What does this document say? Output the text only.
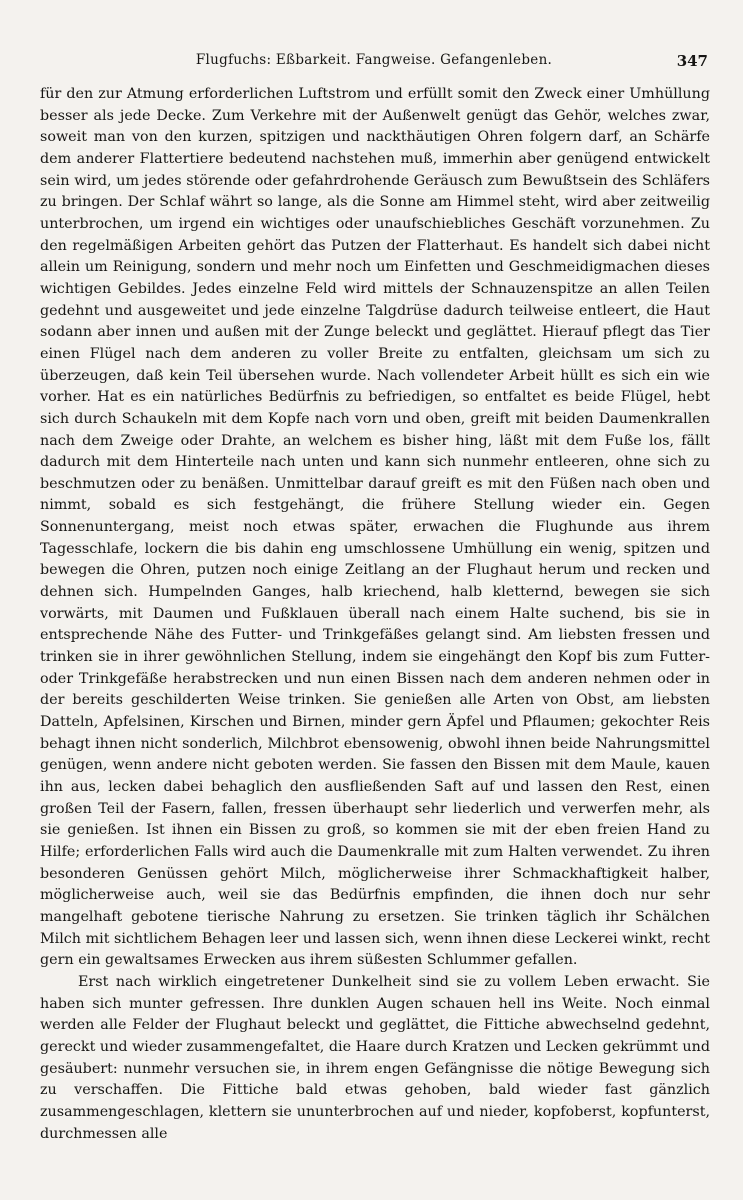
Flugfuchs: Eßbarkeit. Fangweise. Gefangenleben.	347

für den zur Atmung erforderlichen Luftstrom und erfüllt somit den Zweck einer Umhüllung besser als jede Decke. Zum Verkehre mit der Außenwelt genügt das Gehör, welches zwar, soweit man von den kurzen, spitzigen und nackthäutigen Ohren folgern darf, an Schärfe dem anderer Flattertiere bedeutend nachstehen muß, immerhin aber genügend entwickelt sein wird, um jedes störende oder gefahrdrohende Geräusch zum Bewußtsein des Schläfers zu bringen. Der Schlaf währt so lange, als die Sonne am Himmel steht, wird aber zeitweilig unterbrochen, um irgend ein wichtiges oder unaufschiebliches Geschäft vorzunehmen. Zu den regelmäßigen Arbeiten gehört das Putzen der Flatterhaut. Es handelt sich dabei nicht allein um Reinigung, sondern und mehr noch um Einfetten und Geschmeidigmachen dieses wichtigen Gebildes. Jedes einzelne Feld wird mittels der Schnauzenspitze an allen Teilen gedehnt und ausgeweitet und jede einzelne Talgdrüse dadurch teilweise entleert, die Haut sodann aber innen und außen mit der Zunge beleckt und geglättet. Hierauf pflegt das Tier einen Flügel nach dem anderen zu voller Breite zu entfalten, gleichsam um sich zu überzeugen, daß kein Teil übersehen wurde. Nach vollendeter Arbeit hüllt es sich ein wie vorher. Hat es ein natürliches Bedürfnis zu befriedigen, so entfaltet es beide Flügel, hebt sich durch Schaukeln mit dem Kopfe nach vorn und oben, greift mit beiden Daumenkrallen nach dem Zweige oder Drahte, an welchem es bisher hing, läßt mit dem Fuße los, fällt dadurch mit dem Hinterteile nach unten und kann sich nunmehr entleeren, ohne sich zu beschmutzen oder zu benäßen. Unmittelbar darauf greift es mit den Füßen nach oben und nimmt, sobald es sich festgehängt, die frühere Stellung wieder ein. Gegen Sonnenuntergang, meist noch etwas später, erwachen die Flughunde aus ihrem Tagesschlafe, lockern die bis dahin eng umschlossene Umhüllung ein wenig, spitzen und bewegen die Ohren, putzen noch einige Zeitlang an der Flughaut herum und recken und dehnen sich. Humpelnden Ganges, halb kriechend, halb kletternd, bewegen sie sich vorwärts, mit Daumen und Fußklauen überall nach einem Halte suchend, bis sie in entsprechende Nähe des Futter- und Trinkgefäßes gelangt sind. Am liebsten fressen und trinken sie in ihrer gewöhnlichen Stellung, indem sie eingehängt den Kopf bis zum Futter- oder Trinkgefäße herabstrecken und nun einen Bissen nach dem anderen nehmen oder in der bereits geschilderten Weise trinken. Sie genießen alle Arten von Obst, am liebsten Datteln, Apfelsinen, Kirschen und Birnen, minder gern Äpfel und Pflaumen; gekochter Reis behagt ihnen nicht sonderlich, Milchbrot ebensowenig, obwohl ihnen beide Nahrungsmittel genügen, wenn andere nicht geboten werden. Sie fassen den Bissen mit dem Maule, kauen ihn aus, lecken dabei behaglich den ausfließenden Saft auf und lassen den Rest, einen großen Teil der Fasern, fallen, fressen überhaupt sehr liederlich und verwerfen mehr, als sie genießen. Ist ihnen ein Bissen zu groß, so kommen sie mit der eben freien Hand zu Hilfe; erforderlichen Falls wird auch die Daumenkralle mit zum Halten verwendet. Zu ihren besonderen Genüssen gehört Milch, möglicherweise ihrer Schmackhaftigkeit halber, möglicherweise auch, weil sie das Bedürfnis empfinden, die ihnen doch nur sehr mangelhaft gebotene tierische Nahrung zu ersetzen. Sie trinken täglich ihr Schälchen Milch mit sichtlichem Behagen leer und lassen sich, wenn ihnen diese Leckerei winkt, recht gern ein gewaltsames Erwecken aus ihrem süßesten Schlummer gefallen.

Erst nach wirklich eingetretener Dunkelheit sind sie zu vollem Leben erwacht. Sie haben sich munter gefressen. Ihre dunklen Augen schauen hell ins Weite. Noch einmal werden alle Felder der Flughaut beleckt und geglättet, die Fittiche abwechselnd gedehnt, gereckt und wieder zusammengefaltet, die Haare durch Kratzen und Lecken gekrümmt und gesäubert: nunmehr versuchen sie, in ihrem engen Gefängnisse die nötige Bewegung sich zu verschaffen. Die Fittiche bald etwas gehoben, bald wieder fast gänzlich zusammengeschlagen, klettern sie ununterbrochen auf und nieder, kopfoberst, kopfunterst, durchmessen alle
